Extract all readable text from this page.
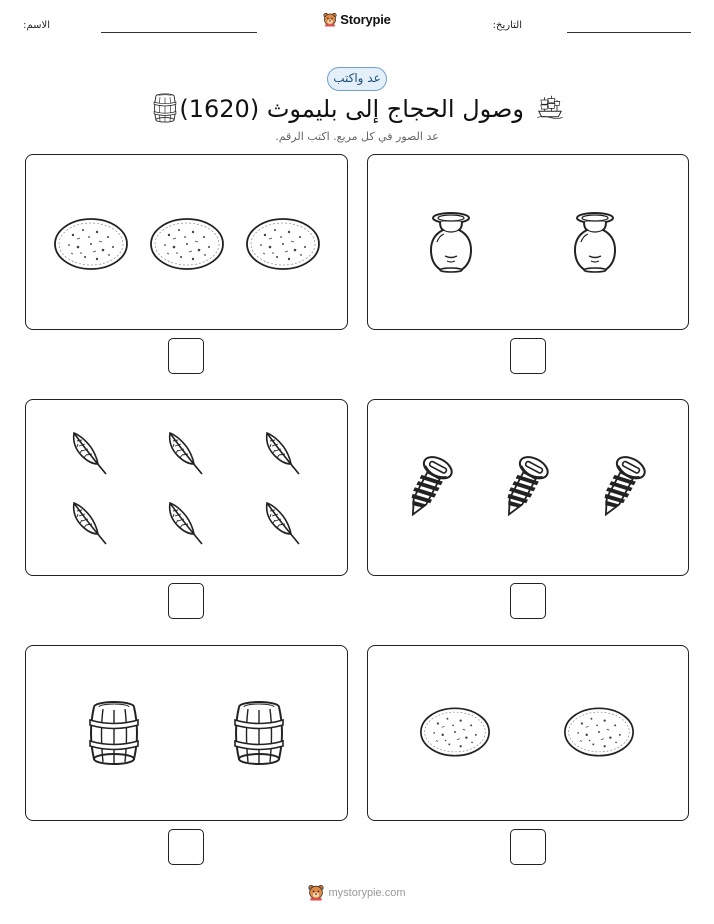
الاسم:	التاريخ:
Storypie
عد واكتب
وصول الحجاج إلى بليموث (1620)
عد الصور في كل مربع. اكتب الرقم.
mystorypie.com
